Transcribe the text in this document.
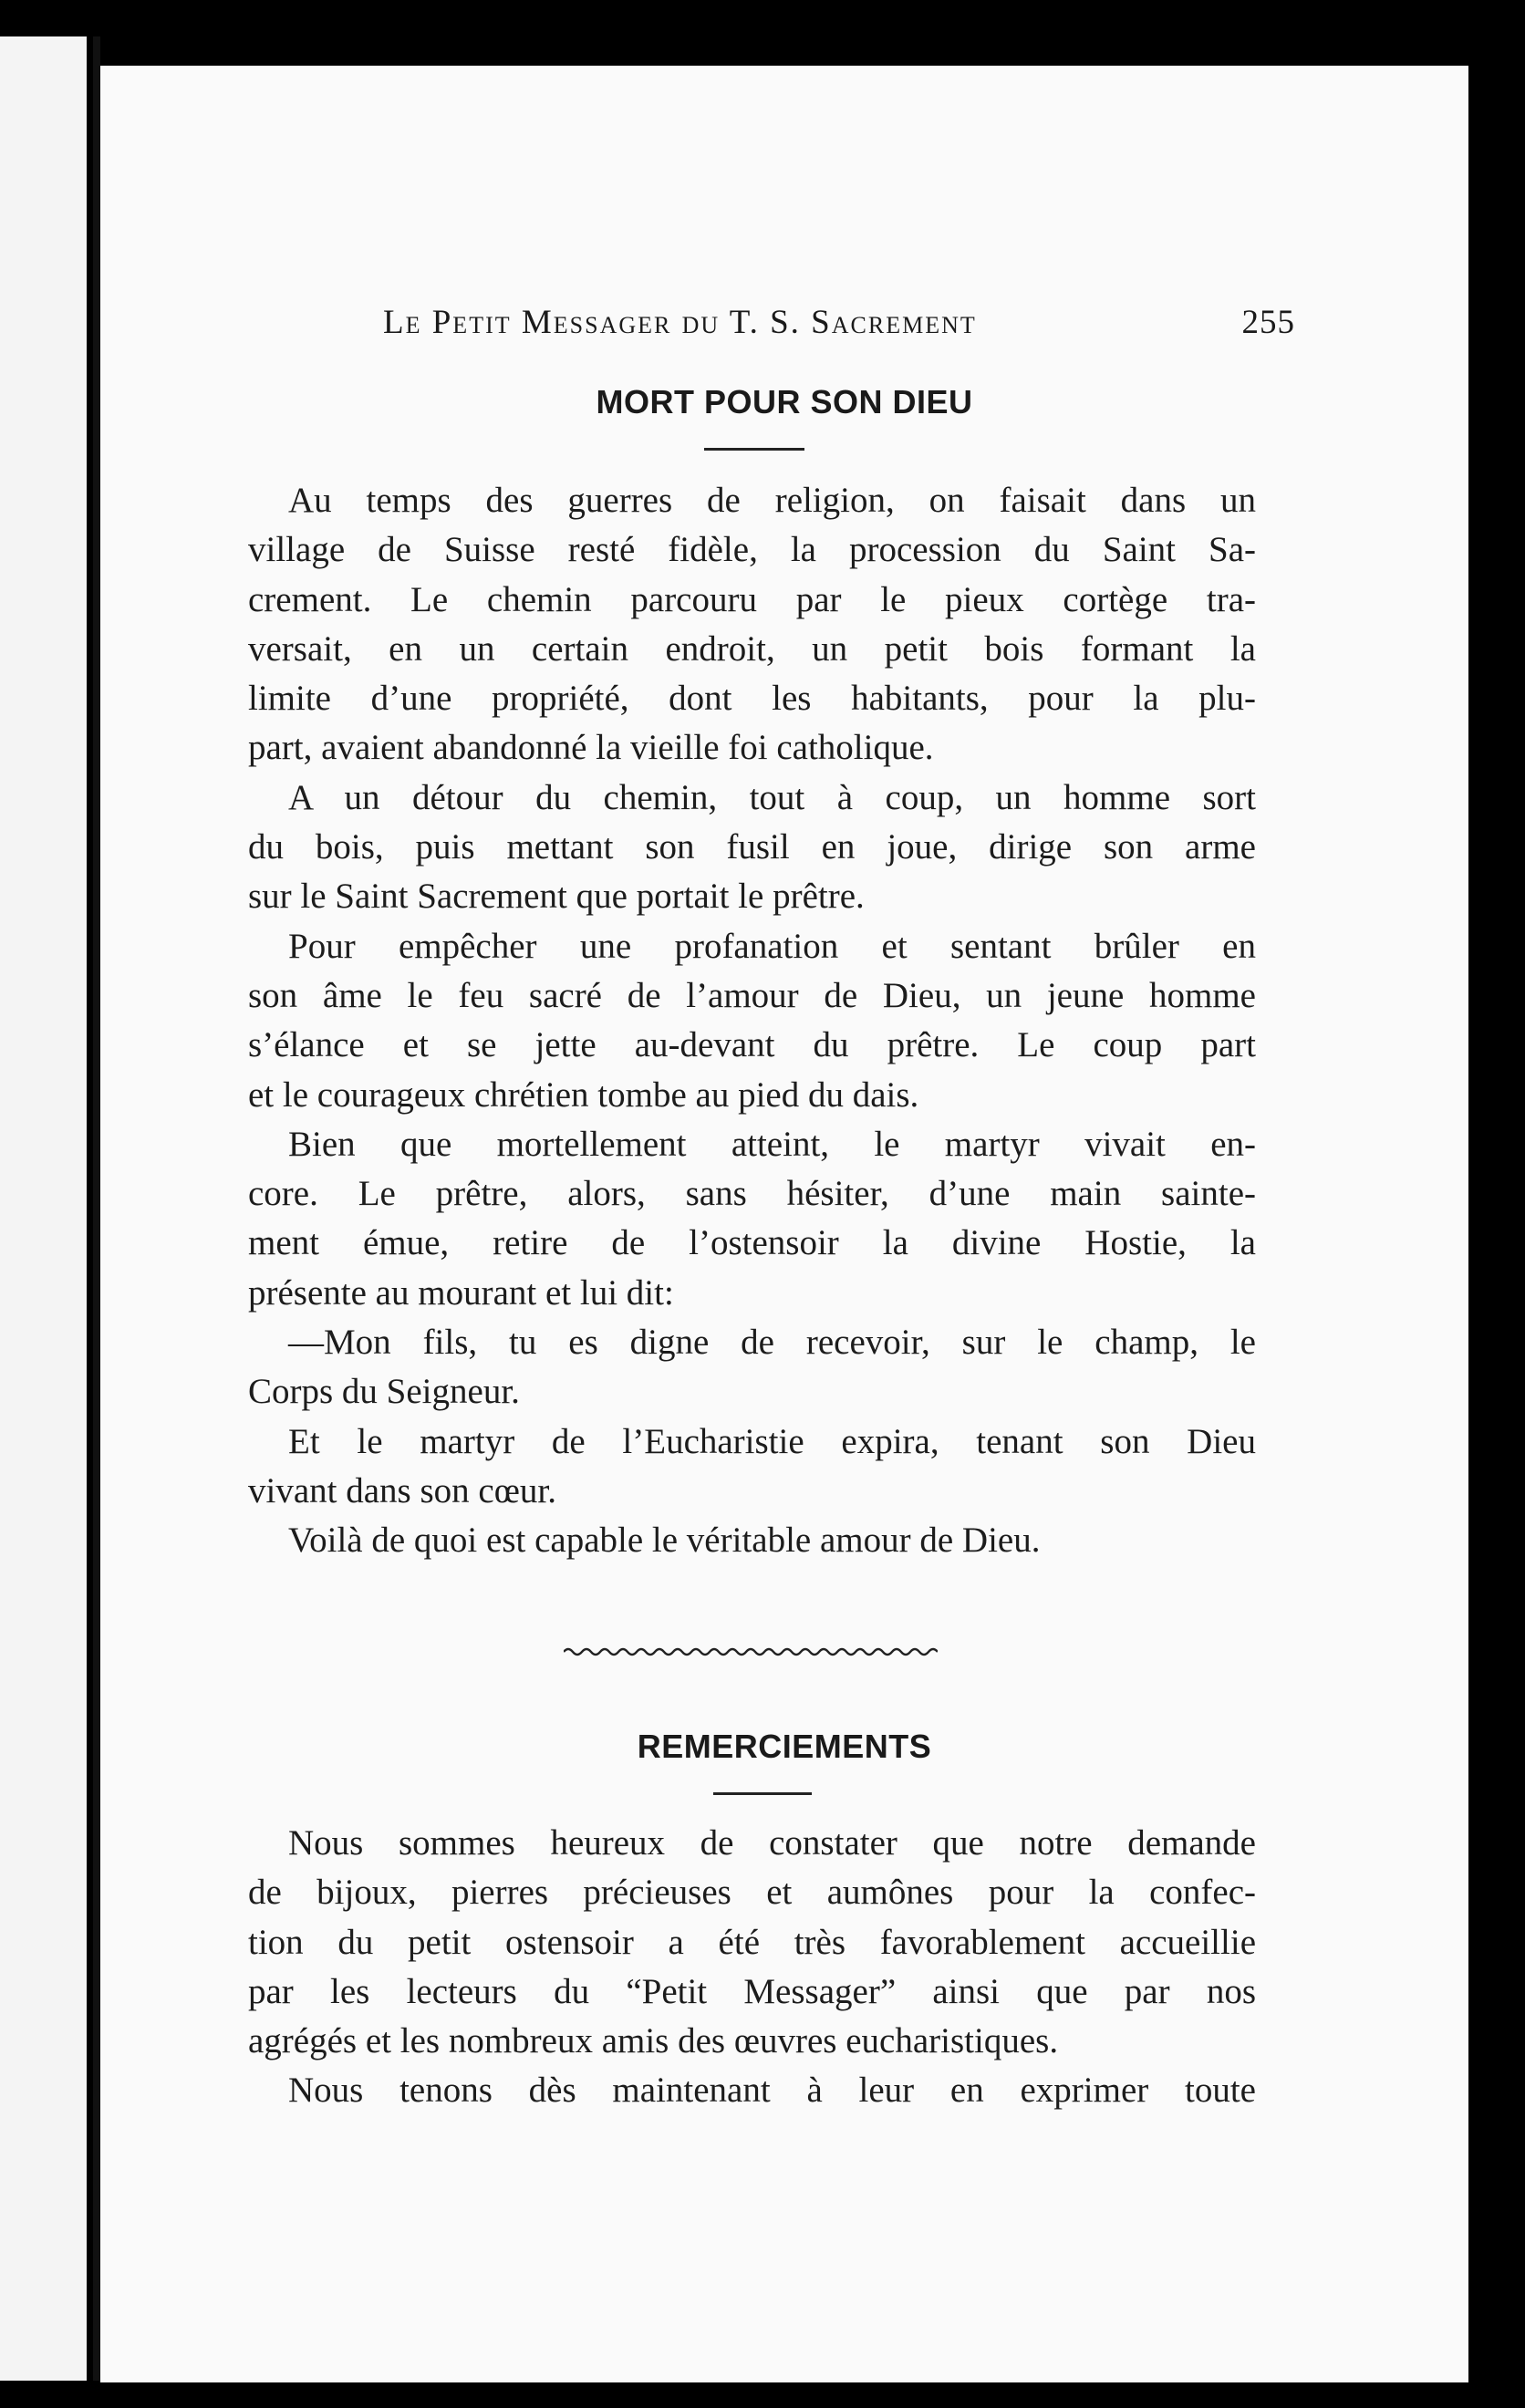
Le Petit Messager du T. S. Sacrement	255
MORT POUR SON DIEU
Au temps des guerres de religion, on faisait dans un
village de Suisse resté fidèle, la procession du Saint Sa-
crement. Le chemin parcouru par le pieux cortège tra-
versait, en un certain endroit, un petit bois formant la
limite d’une propriété, dont les habitants, pour la plu-
part, avaient abandonné la vieille foi catholique.
A un détour du chemin, tout à coup, un homme sort
du bois, puis mettant son fusil en joue, dirige son arme
sur le Saint Sacrement que portait le prêtre.
Pour empêcher une profanation et sentant brûler en
son âme le feu sacré de l’amour de Dieu, un jeune homme
s’élance et se jette au-devant du prêtre. Le coup part
et le courageux chrétien tombe au pied du dais.
Bien que mortellement atteint, le martyr vivait en-
core. Le prêtre, alors, sans hésiter, d’une main sainte-
ment émue, retire de l’ostensoir la divine Hostie, la
présente au mourant et lui dit:
—Mon fils, tu es digne de recevoir, sur le champ, le
Corps du Seigneur.
Et le martyr de l’Eucharistie expira, tenant son Dieu
vivant dans son cœur.
Voilà de quoi est capable le véritable amour de Dieu.
REMERCIEMENTS
Nous sommes heureux de constater que notre demande
de bijoux, pierres précieuses et aumônes pour la confec-
tion du petit ostensoir a été très favorablement accueillie
par les lecteurs du “Petit Messager” ainsi que par nos
agrégés et les nombreux amis des œuvres eucharistiques.
Nous tenons dès maintenant à leur en exprimer toute
